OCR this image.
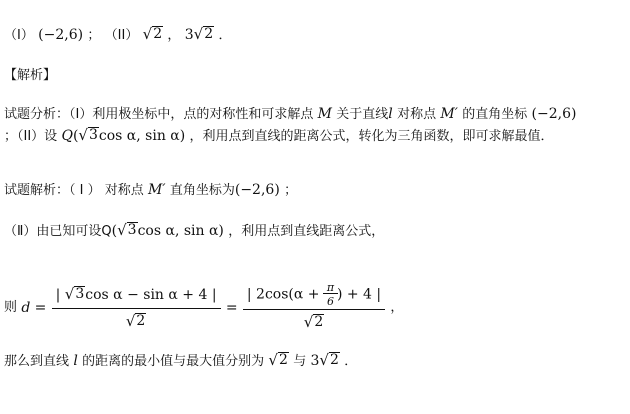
（I） (−2,6) ； （II） √ 2 ， 3 √ 2 ．
【解析】
试题分析：（I）利用极坐标中，点的对称性和可求解点 M 关于直线l 对称点 M′ 的直角坐标 (−2,6)
；（II）设 Q( √ 3 cos α, sin α) ，利用点到直线的距离公式，转化为三角函数，即可求解最值．
试题解析：（ Ⅰ ） 对称点 M′ 直角坐标为(−2,6) ；
（Ⅱ）由已知可设Q( √ 3 cos α, sin α) ，利用点到直线距离公式，
则 $d = \frac{\text{| √ 3 cos α − sin α + 4 |}}{√ 2} = \frac{| 2\cos(\alpha + \frac{\pi}{6} ) + 4 |}{√ 2}$ ，
那么到直线 l 的距离的最小值与最大值分别为 √ 2 与 3 √ 2 ．
